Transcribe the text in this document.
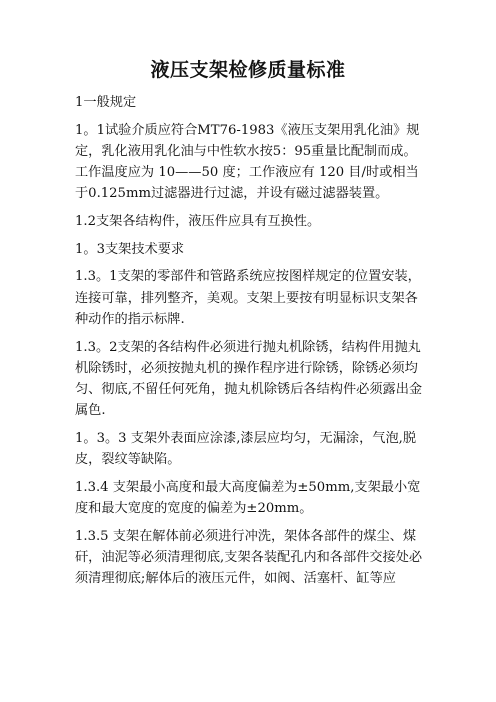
液压支架检修质量标准

1一般规定

1。1试验介质应符合MT76-1983《液压支架用乳化油》规定，乳化液用乳化油与中性软水按5：95重量比配制而成。工作温度应为 10——50 度；工作液应有 120 目/时或相当于0.125mm过滤器进行过滤，并设有磁过滤器装置。

1.2支架各结构件，液压件应具有互换性。

1。3支架技术要求

1.3。1支架的零部件和管路系统应按图样规定的位置安装，连接可靠，排列整齐，美观。支架上要按有明显标识支架各种动作的指示标牌.

1.3。2支架的各结构件必须进行抛丸机除锈，结构件用抛丸机除锈时，必须按抛丸机的操作程序进行除锈，除锈必须均匀、彻底,不留任何死角，抛丸机除锈后各结构件必须露出金属色.

1。3。3 支架外表面应涂漆,漆层应均匀，无漏涂，气泡,脱皮，裂纹等缺陷。

1.3.4 支架最小高度和最大高度偏差为±50mm,支架最小宽度和最大宽度的宽度的偏差为±20mm。

1.3.5 支架在解体前必须进行冲洗，架体各部件的煤尘、煤矸，油泥等必须清理彻底,支架各装配孔内和各部件交接处必须清理彻底;解体后的液压元件，如阀、活塞杆、缸等应
